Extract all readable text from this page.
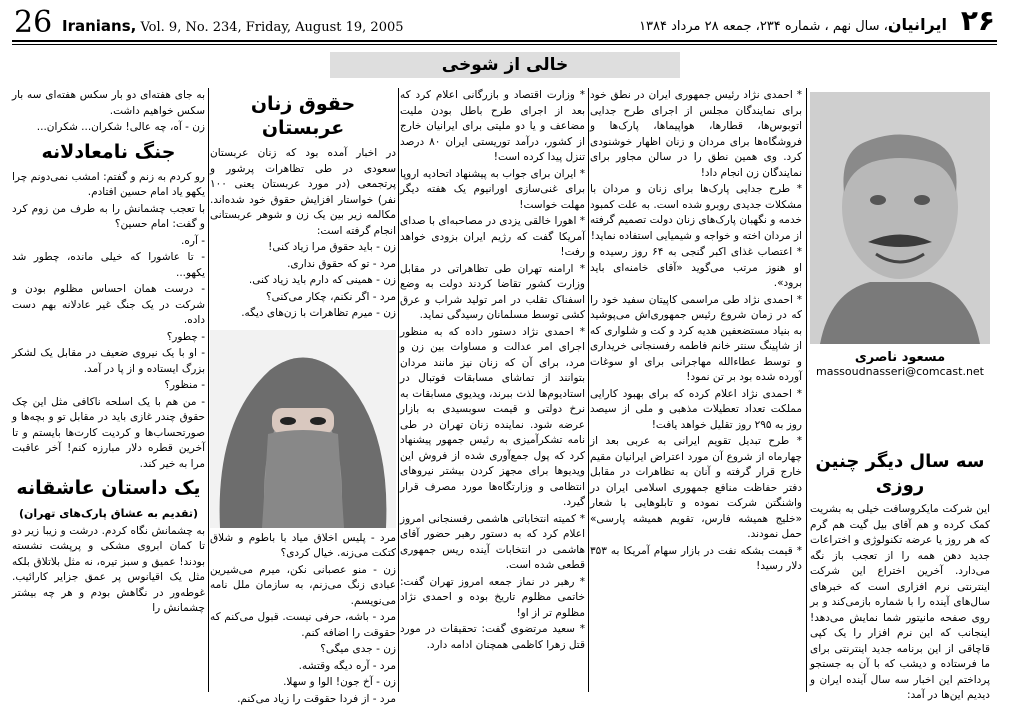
26 Iranians, Vol. 9, No. 234, Friday, August 19, 2005	ایرانیان، سال نهم ، شماره ۲۳۴، جمعه ۲۸ مرداد ۱۳۸۴	۲۶
خالی از شوخی
مسعود ناصری
massoudnasseri@comcast.net
سه سال دیگر چنین روزی

این شرکت مایکروسافت خیلی به بشریت کمک کرده و هم آقای بیل گیت هم گرم که هر روز یا عرضه تکنولوژی و اختراعات جدید دهن همه را از تعجب باز نگه می‌دارد. آخرین اختراع این شرکت اینترنتی نرم افزاری است که خبرهای سال‌های آینده را با شماره بازمی‌کند و بر روی صفحه مانیتور شما نمایش می‌دهد! اینجانب که این نرم افزار را یک کپی قاچاقی از این برنامه جدید اینترنتی برای ما فرستاده و دیشب که با آن به جستجو پرداختم این اخبار سه سال آینده ایران و دیدیم این‌ها در آمد:

* احمدی نژاد رئیس جمهوری ایران در نطق خود برای نمایندگان مجلس از اجرای طرح جدایی اتوبوس‌ها، قطارها، هواپیماها، پارک‌ها و فروشگاه‌ها برای مردان و زنان اظهار خوشنودی کرد. وی همین نطق را در سالن مجاور برای نمایندگان زن انجام داد!

* طرح جدایی پارک‌ها برای زنان و مردان با مشکلات جدیدی روبرو شده است. به علت کمبود خدمه و نگهبان پارک‌های زنان دولت تصمیم گرفته از مردان اخته و خواجه و شیمیایی استفاده نماید!

* اعتصاب غذای اکبر گنجی به ۶۴ روز رسیده و او هنوز مرتب می‌گوید «آقای خامنه‌ای باید برود».

* احمدی نژاد طی مراسمی کاپیتان سفید خود را که در زمان شروع رئیس جمهوری‌اش می‌پوشید به بنیاد مستضعفین هدیه کرد و کت و شلواری که از شاپینگ سنتر خانم فاطمه رفسنجانی خریداری و توسط عطاءالله مهاجرانی برای او سوغات آورده شده بود بر تن نمود!

* احمدی نژاد اعلام کرده که برای بهبود کارایی مملکت تعداد تعطیلات مذهبی و ملی از سیصد روز به ۲۹۵ روز تقلیل خواهد یافت!

* طرح تبدیل تقویم ایرانی به عربی بعد از چهارماه از شروع آن مورد اعتراض ایرانیان مقیم خارج قرار گرفته و آنان به تظاهرات در مقابل دفتر حفاظت منافع جمهوری اسلامی ایران در واشنگتن شرکت نموده و تابلوهایی با شعار «خلیج همیشه فارس، تقویم همیشه پارسی» حمل نمودند.

* قیمت بشکه نفت در بازار سهام آمریکا به ۳۵۳ دلار رسید!

* وزارت اقتصاد و بازرگانی اعلام کرد که بعد از اجرای طرح باطل بودن ملیت مضاعف و یا دو ملیتی برای ایرانیان خارج از کشور، درآمد توریستی ایران ۸۰ درصد تنزل پیدا کرده است!

* ایران برای جواب به پیشنهاد اتحادیه اروپا برای غنی‌سازی اورانیوم یک هفته دیگر مهلت خواست!

* اهورا خالقی یزدی در مصاحبه‌ای با صدای آمریکا گفت که رژیم ایران بزودی خواهد رفت!

* ارامنه تهران طی تظاهراتی در مقابل وزارت کشور تقاضا کردند دولت به وضع اسفناک تقلب در امر تولید شراب و عرق کشی توسط مسلمانان رسیدگی نماید.

* احمدی نژاد دستور داده که به منظور اجرای امر عدالت و مساوات بین زن و مرد، برای آن که زنان نیز مانند مردان بتوانند از تماشای مسابقات فوتبال در استادیوم‌ها لذت ببرند، ویدیوی مسابقات به نرخ دولتی و قیمت سوبسیدی به بازار عرضه شود. نماینده زنان تهران در طی نامه تشکرآمیزی به رئیس جمهور پیشنهاد کرد که پول جمع‌آوری شده از فروش این ویدیوها برای مجهز کردن بیشتر نیروهای انتظامی و وزارتگاه‌ها مورد مصرف قرار گیرد.

* کمیته انتخاباتی هاشمی رفسنجانی امروز اعلام کرد که به دستور رهبر حضور آقای هاشمی در انتخابات آینده ریس جمهوری قطعی شده است.

* رهبر در نماز جمعه امروز تهران گفت: خاتمی مظلوم تاریخ بوده و احمدی نژاد مظلوم تر از او!

* سعید مرتضوی گفت: تحقیقات در مورد قتل زهرا کاظمی همچنان ادامه دارد.

حقوق زنان عربستان

در اخبار آمده بود که زنان عربستان سعودی در طی تظاهرات پرشور و پرتجمعی (در مورد عربستان یعنی ۱۰۰ نفر) خواستار افزایش حقوق خود شده‌اند. مکالمه زیر بین یک زن و شوهر عربستانی انجام گرفته است:

زن - باید حقوق مرا زیاد کنی!

مرد - تو که حقوق نداری.

زن - همینی که دارم باید زیاد کنی.

مرد - اگر نکنم، چکار می‌کنی؟

زن - میرم تظاهرات با زن‌های دیگه.

مرد - پلیس اخلاق میاد با باطوم و شلاق کتکت می‌زنه. خیال کردی؟

زن - منو عصبانی نکن، میرم می‌شیرین عبادی زنگ می‌زنم، به سازمان ملل نامه می‌نویسم.

مرد - باشه، حرفی نیست. قبول می‌کنم که حقوقت را اضافه کنم.

زن - جدی میگی؟

مرد - آره دیگه وقتشه.

زن - آخ جون! الوا و سهلا.

مرد - از فردا حقوقت را زیاد می‌کنم.

به جای هفته‌ای دو بار سکس هفته‌ای سه بار سکس خواهیم داشت.

زن - آه، چه عالی! شکران... شکران...

جنگ نامعادلانه

رو کردم به زنم و گفتم: امشب نمی‌دونم چرا یکهو یاد امام حسین افتادم.

با تعجب چشمانش را به طرف من زوم کرد و گفت: امام حسین؟

- آره.

- تا عاشورا که خیلی مانده، چطور شد یکهو...

- درست همان احساس مظلوم بودن و شرکت در یک جنگ غیر عادلانه بهم دست داده.

- چطور؟

- او با یک نیروی ضعیف در مقابل یک لشکر بزرگ ایستاده و از پا در آمد.

- منظور؟

- من هم با یک اسلحه ناکافی مثل این چک حقوق چندر غازی باید در مقابل تو و بچه‌ها و صورتحساب‌ها و کردیت کارت‌ها بایستم و تا آخرین قطره دلار مبارزه کنم! آخر عاقبت مرا به خیر کند.

یک داستان عاشقانه
(تقدیم به عشاق پارک‌های تهران)

به چشمانش نگاه کردم. درشت و زیبا زیر دو تا کمان ابروی مشکی و پرپشت نشسته بودند! عمیق و سبز تیره، نه مثل بلاتلاق بلکه مثل یک اقیانوس پر عمق جزایر کارائیب. غوطه‌ور در نگاهش بودم و هر چه بیشتر چشمانش را
